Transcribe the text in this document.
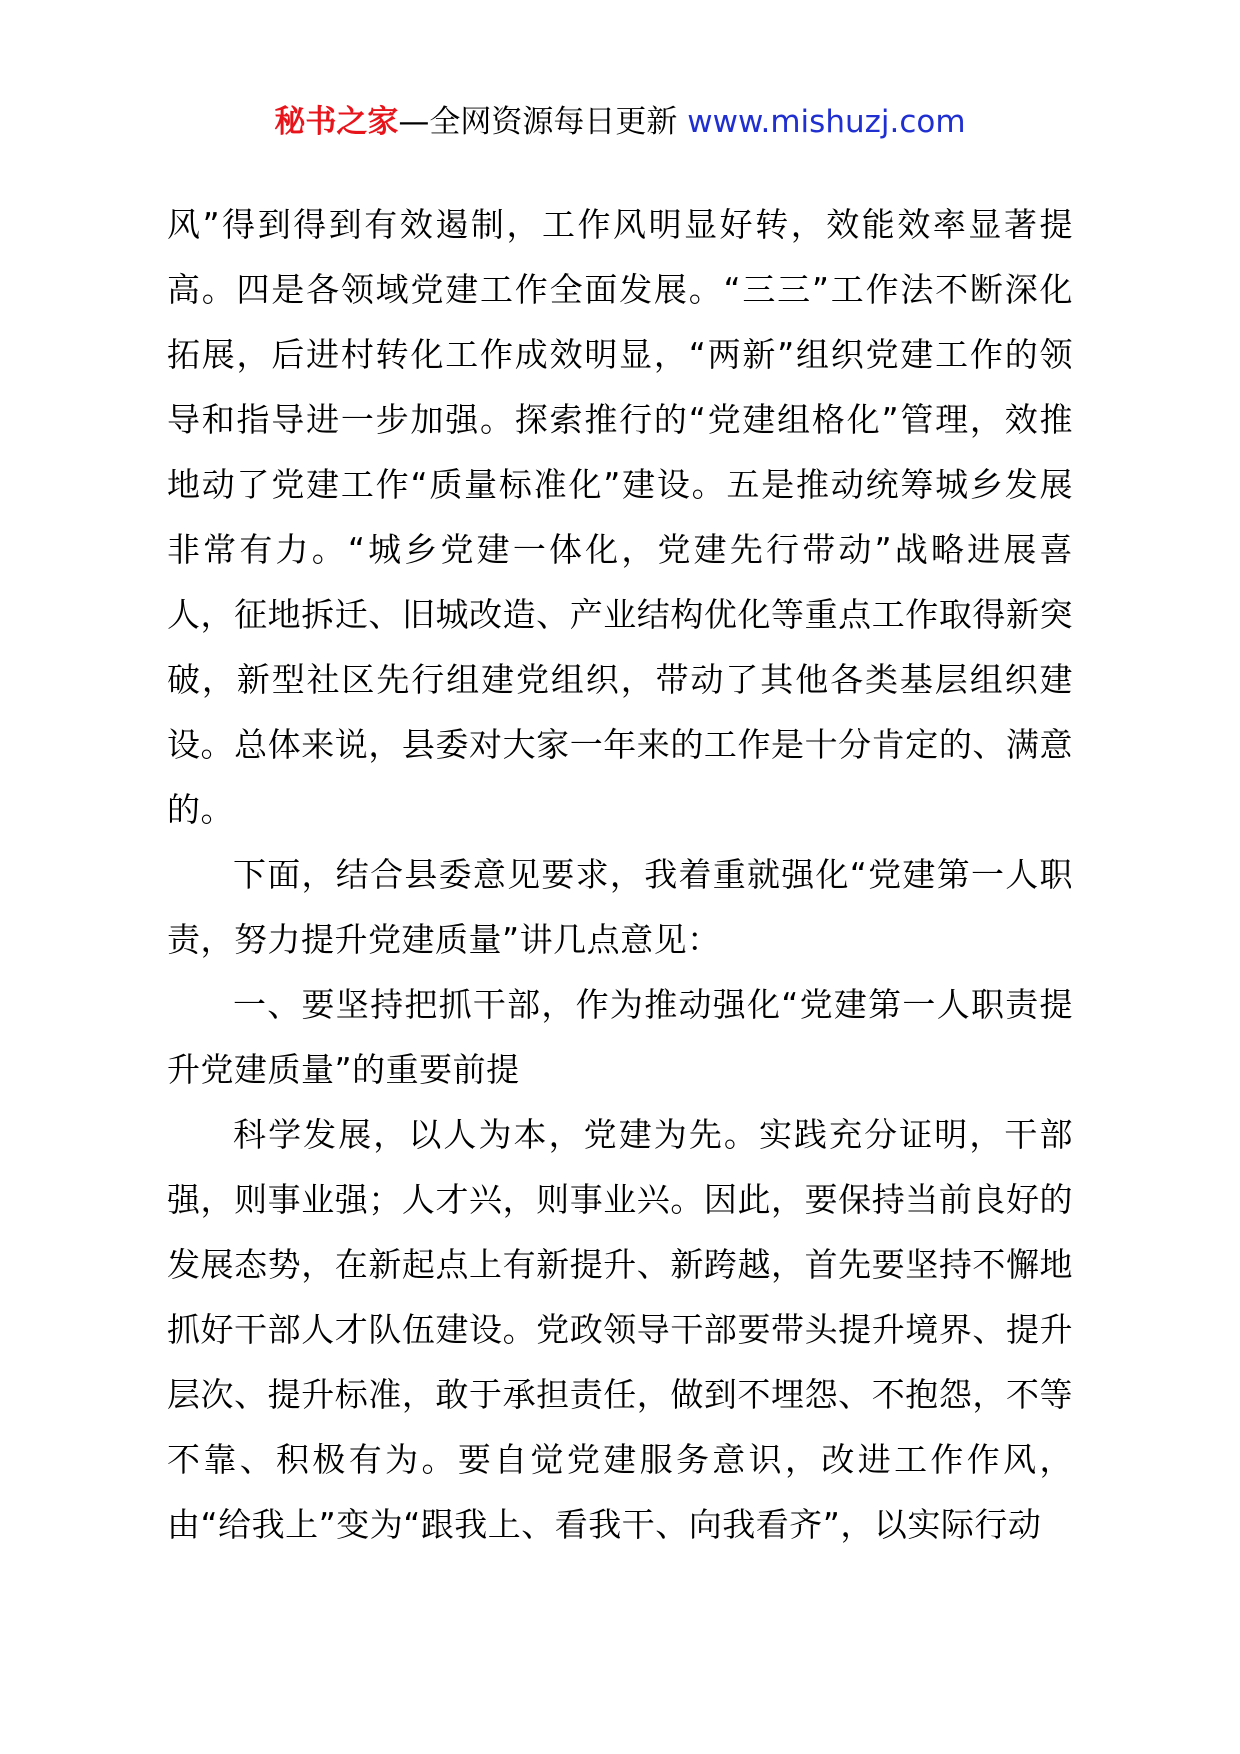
秘书之家—全网资源每日更新 www.mishuzj.com

风”得到得到有效遏制，工作风明显好转，效能效率显著提高。四是各领域党建工作全面发展。“三三”工作法不断深化拓展，后进村转化工作成效明显，“两新”组织党建工作的领导和指导进一步加强。探索推行的“党建组格化”管理，效推地动了党建工作“质量标准化”建设。五是推动统筹城乡发展非常有力。“城乡党建一体化，党建先行带动”战略进展喜人，征地拆迁、旧城改造、产业结构优化等重点工作取得新突破，新型社区先行组建党组织，带动了其他各类基层组织建设。总体来说，县委对大家一年来的工作是十分肯定的、满意的。

下面，结合县委意见要求，我着重就强化“党建第一人职责，努力提升党建质量”讲几点意见：

一、要坚持把抓干部，作为推动强化“党建第一人职责提升党建质量”的重要前提

科学发展，以人为本，党建为先。实践充分证明，干部强，则事业强；人才兴，则事业兴。因此，要保持当前良好的发展态势，在新起点上有新提升、新跨越，首先要坚持不懈地抓好干部人才队伍建设。党政领导干部要带头提升境界、提升层次、提升标准，敢于承担责任，做到不埋怨、不抱怨，不等不靠、积极有为。要自觉党建服务意识，改进工作作风，由“给我上”变为“跟我上、看我干、向我看齐”，以实际行动
